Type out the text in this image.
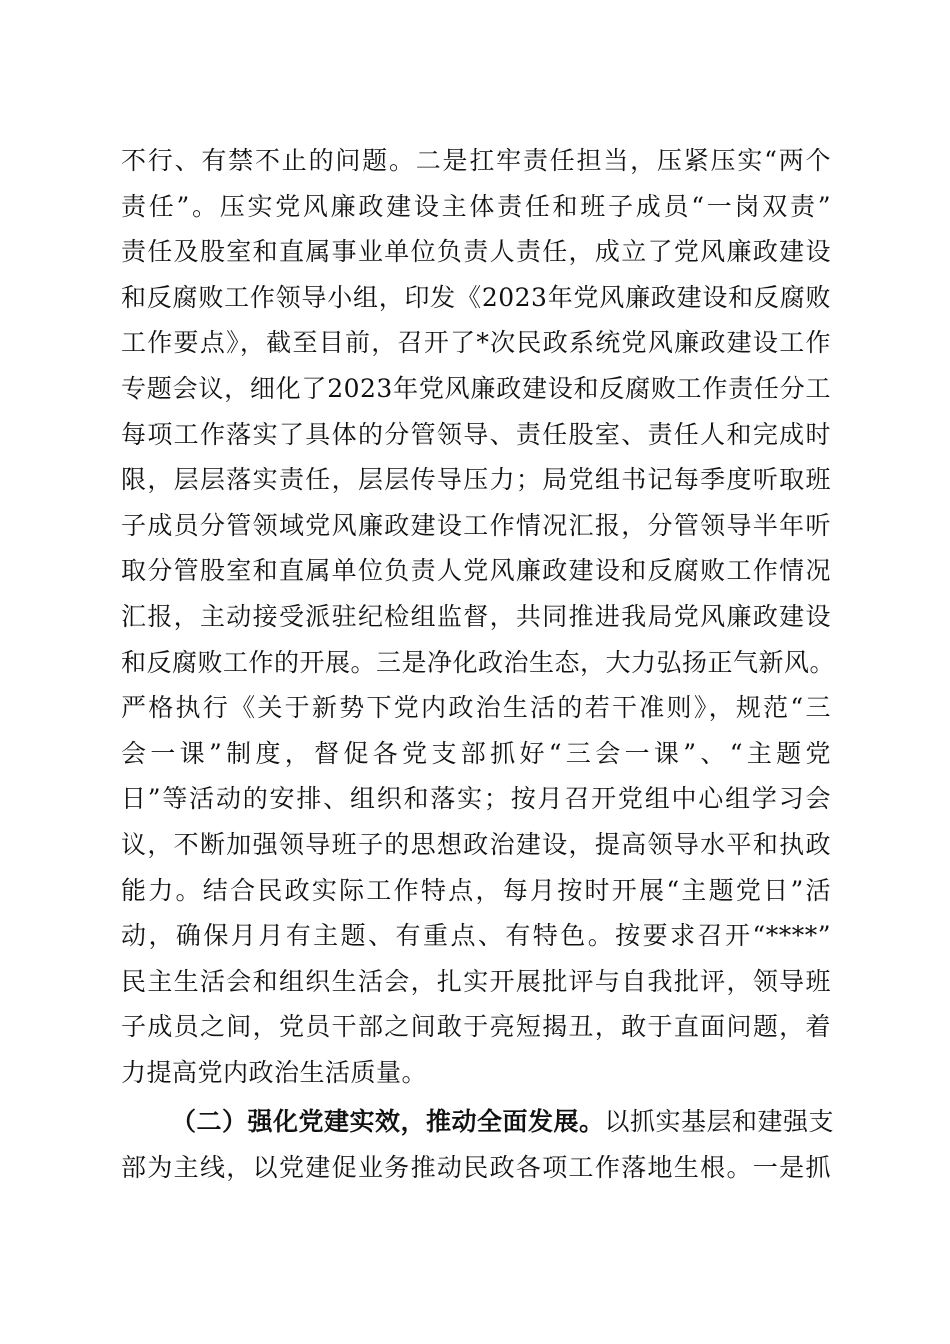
不行、有禁不止的问题。二是扛牢责任担当，压紧压实“两个
责任”。压实党风廉政建设主体责任和班子成员“一岗双责”
责任及股室和直属事业单位负责人责任，成立了党风廉政建设
和反腐败工作领导小组，印发《2023年党风廉政建设和反腐败
工作要点》，截至目前，召开了*次民政系统党风廉政建设工作
专题会议，细化了2023年党风廉政建设和反腐败工作责任分工
每项工作落实了具体的分管领导、责任股室、责任人和完成时
限，层层落实责任，层层传导压力；局党组书记每季度听取班
子成员分管领域党风廉政建设工作情况汇报，分管领导半年听
取分管股室和直属单位负责人党风廉政建设和反腐败工作情况
汇报，主动接受派驻纪检组监督，共同推进我局党风廉政建设
和反腐败工作的开展。三是净化政治生态，大力弘扬正气新风。
严格执行《关于新势下党内政治生活的若干准则》，规范“三
会一课”制度，督促各党支部抓好“三会一课”、“主题党
日”等活动的安排、组织和落实；按月召开党组中心组学习会
议，不断加强领导班子的思想政治建设，提高领导水平和执政
能力。结合民政实际工作特点，每月按时开展“主题党日”活
动，确保月月有主题、有重点、有特色。按要求召开“****”
民主生活会和组织生活会，扎实开展批评与自我批评，领导班
子成员之间，党员干部之间敢于亮短揭丑，敢于直面问题，着
力提高党内政治生活质量。
（二）强化党建实效，推动全面发展。以抓实基层和建强支
部为主线，以党建促业务推动民政各项工作落地生根。一是抓
